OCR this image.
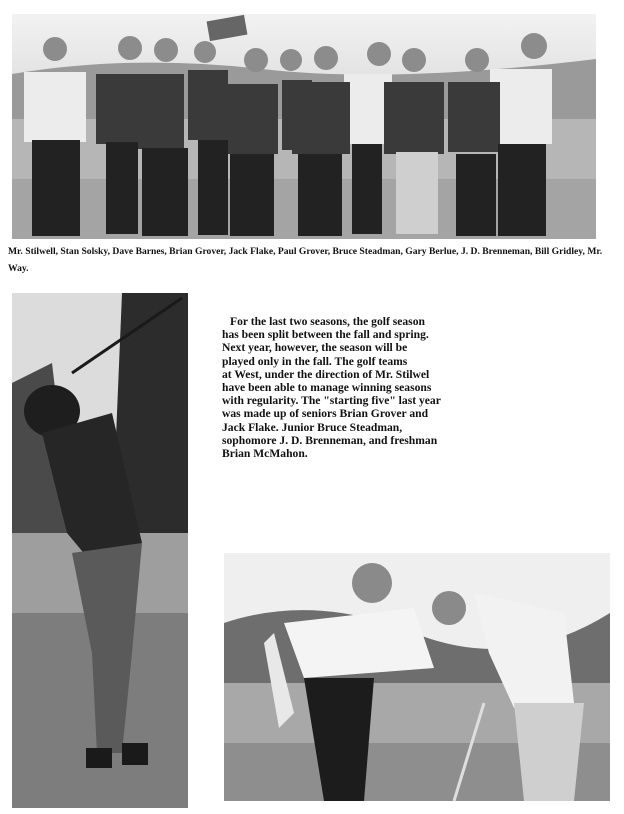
Mr. Stilwell, Stan Solsky, Dave Barnes, Brian Grover, Jack Flake, Paul Grover, Bruce Steadman, Gary Berlue, J. D. Brenneman, Bill Gridley, Mr. Way.

For the last two seasons, the golf season

has been split between the fall and spring.

Next year, however, the season will be

played only in the fall. The golf teams

at West, under the direction of Mr. Stilwel

have been able to manage winning seasons

with regularity. The "starting five" last year

was made up of seniors Brian Grover and

Jack Flake. Junior Bruce Steadman,

sophomore J. D. Brenneman, and freshman

Brian McMahon.
